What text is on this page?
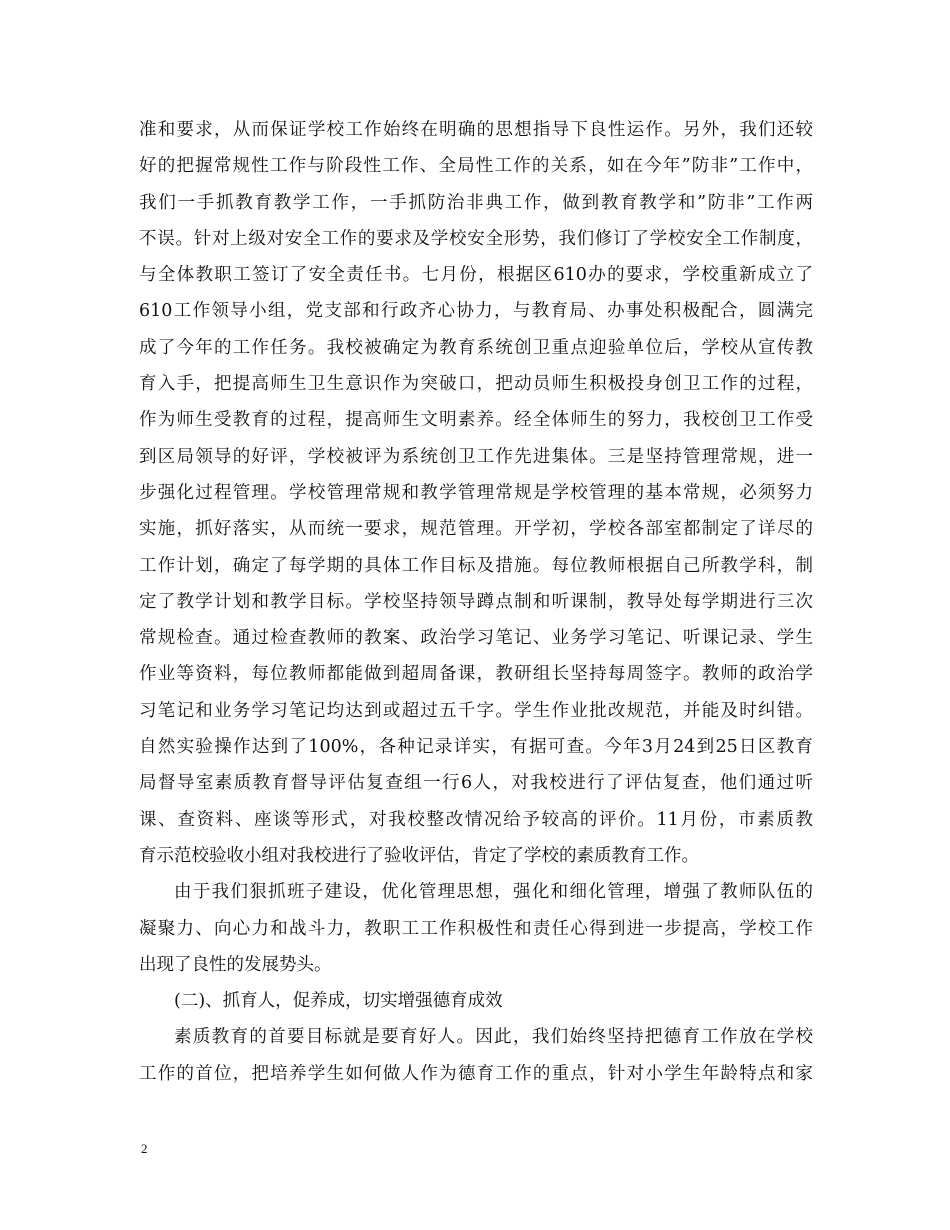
准和要求，从而保证学校工作始终在明确的思想指导下良性运作。另外，我们还较
好的把握常规性工作与阶段性工作、全局性工作的关系，如在今年”防非”工作中，
我们一手抓教育教学工作，一手抓防治非典工作，做到教育教学和”防非”工作两
不误。针对上级对安全工作的要求及学校安全形势，我们修订了学校安全工作制度，
与全体教职工签订了安全责任书。七月份，根据区610办的要求，学校重新成立了
610工作领导小组，党支部和行政齐心协力，与教育局、办事处积极配合，圆满完
成了今年的工作任务。我校被确定为教育系统创卫重点迎验单位后，学校从宣传教
育入手，把提高师生卫生意识作为突破口，把动员师生积极投身创卫工作的过程，
作为师生受教育的过程，提高师生文明素养。经全体师生的努力，我校创卫工作受
到区局领导的好评，学校被评为系统创卫工作先进集体。三是坚持管理常规，进一
步强化过程管理。学校管理常规和教学管理常规是学校管理的基本常规，必须努力
实施，抓好落实，从而统一要求，规范管理。开学初，学校各部室都制定了详尽的
工作计划，确定了每学期的具体工作目标及措施。每位教师根据自己所教学科，制
定了教学计划和教学目标。学校坚持领导蹲点制和听课制，教导处每学期进行三次
常规检查。通过检查教师的教案、政治学习笔记、业务学习笔记、听课记录、学生
作业等资料，每位教师都能做到超周备课，教研组长坚持每周签字。教师的政治学
习笔记和业务学习笔记均达到或超过五千字。学生作业批改规范，并能及时纠错。
自然实验操作达到了100%，各种记录详实，有据可查。今年3月24到25日区教育
局督导室素质教育督导评估复查组一行6人，对我校进行了评估复查，他们通过听
课、查资料、座谈等形式，对我校整改情况给予较高的评价。11月份，市素质教
育示范校验收小组对我校进行了验收评估，肯定了学校的素质教育工作。
由于我们狠抓班子建设，优化管理思想，强化和细化管理，增强了教师队伍的
凝聚力、向心力和战斗力，教职工工作积极性和责任心得到进一步提高，学校工作
出现了良性的发展势头。
(二)、抓育人，促养成，切实增强德育成效
素质教育的首要目标就是要育好人。因此，我们始终坚持把德育工作放在学校
工作的首位，把培养学生如何做人作为德育工作的重点，针对小学生年龄特点和家
2
